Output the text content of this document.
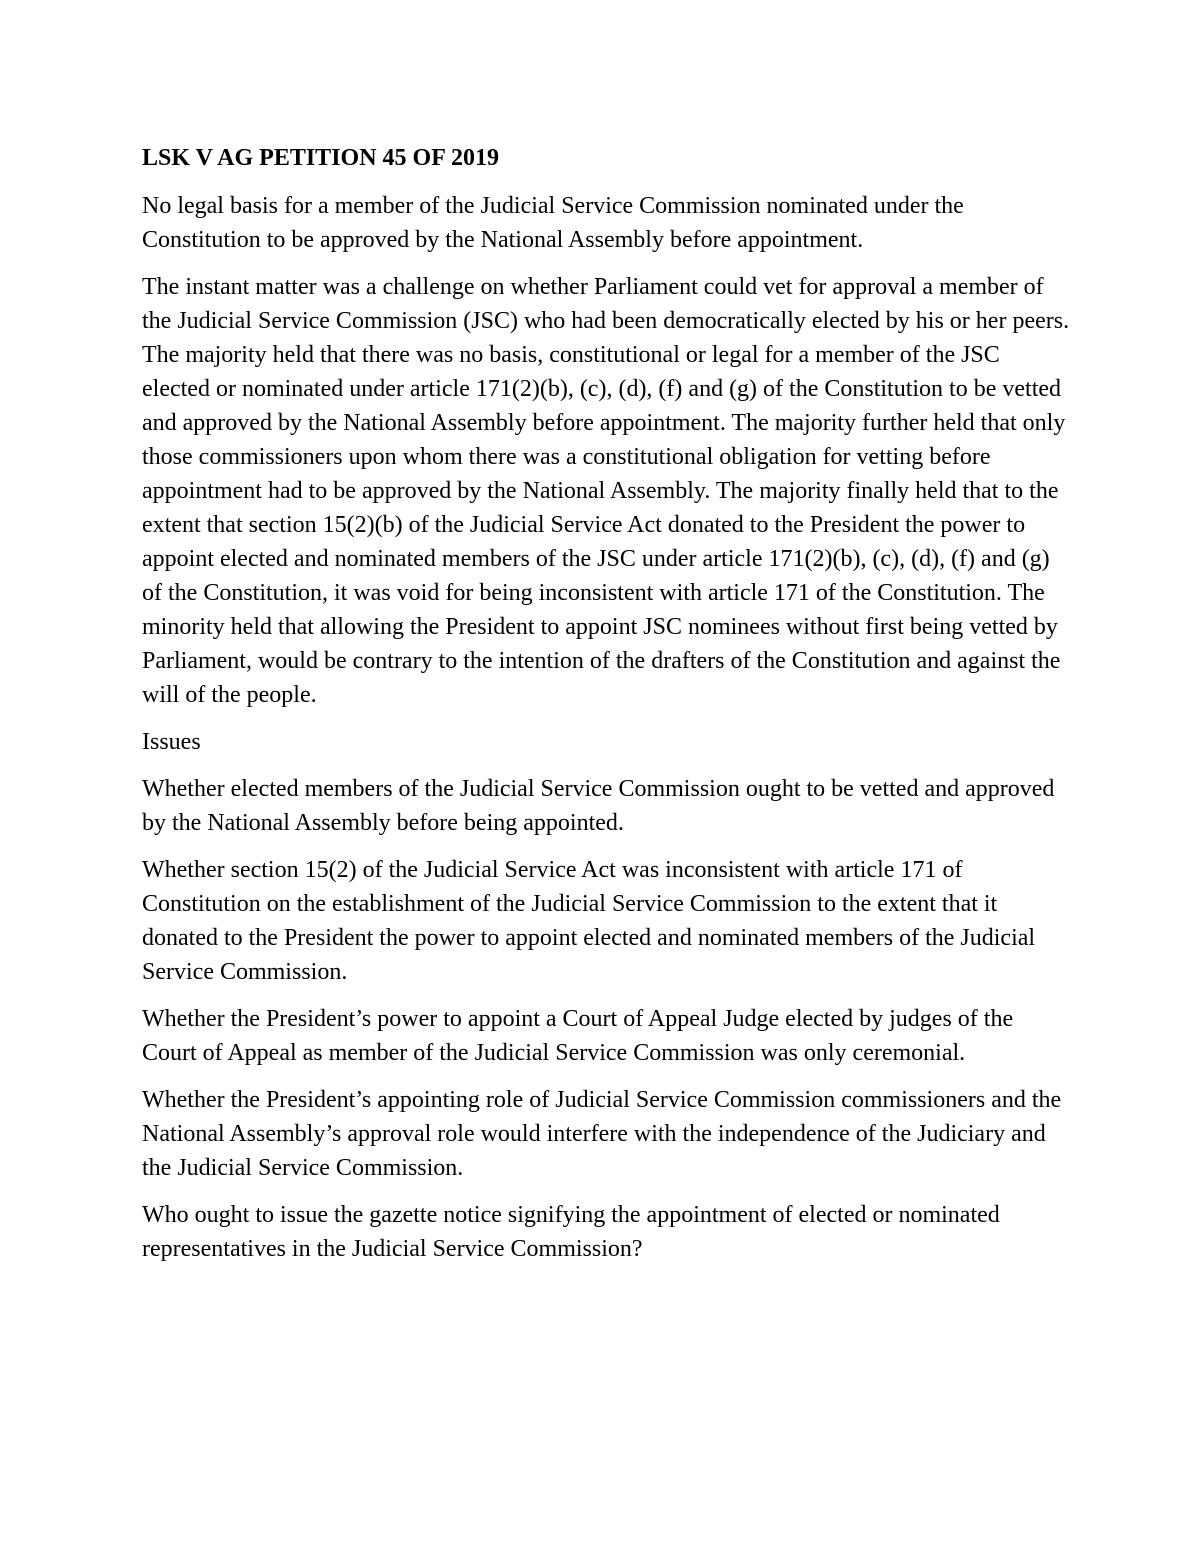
LSK V AG PETITION 45 OF 2019

No legal basis for a member of the Judicial Service Commission nominated under the Constitution to be approved by the National Assembly before appointment.

The instant matter was a challenge on whether Parliament could vet for approval a member of the Judicial Service Commission (JSC) who had been democratically elected by his or her peers. The majority held that there was no basis, constitutional or legal for a member of the JSC elected or nominated under article 171(2)(b), (c), (d), (f) and (g) of the Constitution to be vetted and approved by the National Assembly before appointment. The majority further held that only those commissioners upon whom there was a constitutional obligation for vetting before appointment had to be approved by the National Assembly. The majority finally held that to the extent that section 15(2)(b) of the Judicial Service Act donated to the President the power to appoint elected and nominated members of the JSC under article 171(2)(b), (c), (d), (f) and (g) of the Constitution, it was void for being inconsistent with article 171 of the Constitution. The minority held that allowing the President to appoint JSC nominees without first being vetted by Parliament, would be contrary to the intention of the drafters of the Constitution and against the will of the people.

Issues

Whether elected members of the Judicial Service Commission ought to be vetted and approved by the National Assembly before being appointed.

Whether section 15(2) of the Judicial Service Act was inconsistent with article 171 of Constitution on the establishment of the Judicial Service Commission to the extent that it donated to the President the power to appoint elected and nominated members of the Judicial Service Commission.

Whether the President’s power to appoint a Court of Appeal Judge elected by judges of the Court of Appeal as member of the Judicial Service Commission was only ceremonial.

Whether the President’s appointing role of Judicial Service Commission commissioners and the National Assembly’s approval role would interfere with the independence of the Judiciary and the Judicial Service Commission.

Who ought to issue the gazette notice signifying the appointment of elected or nominated representatives in the Judicial Service Commission?
